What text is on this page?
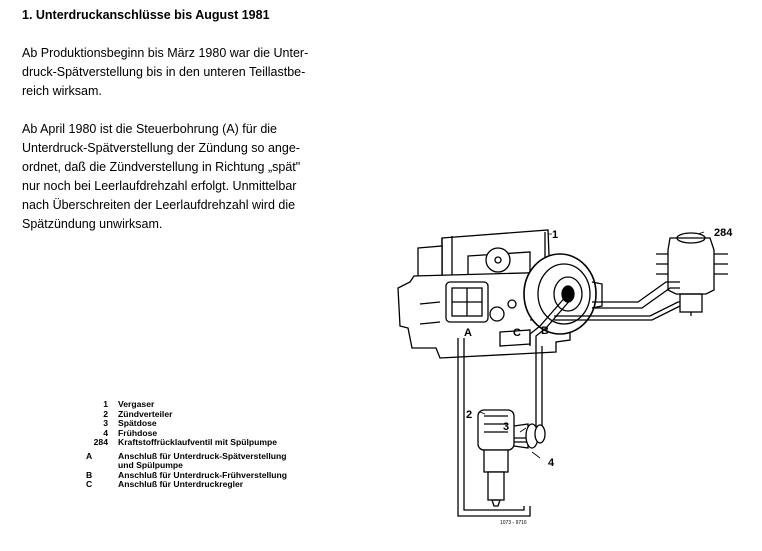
1. Unterdruckanschlüsse bis August 1981
Ab Produktionsbeginn bis März 1980 war die Unter-
druck-Spätverstellung bis in den unteren Teillastbe-
reich wirksam.
Ab April 1980 ist die Steuerbohrung (A) für die
Unterdruck-Spätverstellung der Zündung so ange-
ordnet, daß die Zündverstellung in Richtung „spät"
nur noch bei Leerlaufdrehzahl erfolgt. Unmittelbar
nach Überschreiten der Leerlaufdrehzahl wird die
Spätzündung unwirksam.
1	Vergaser
2	Zündverteiler
3	Spätdose
4	Frühdose
284	Kraftstoffrücklaufventil mit Spülpumpe
A	Anschluß für Unterdruck-Spätverstellung
und Spülpumpe
B	Anschluß für Unterdruck-Frühverstellung
C	Anschluß für Unterdruckregler
1	284
A	C B
2
3
4
1073 - 9716
